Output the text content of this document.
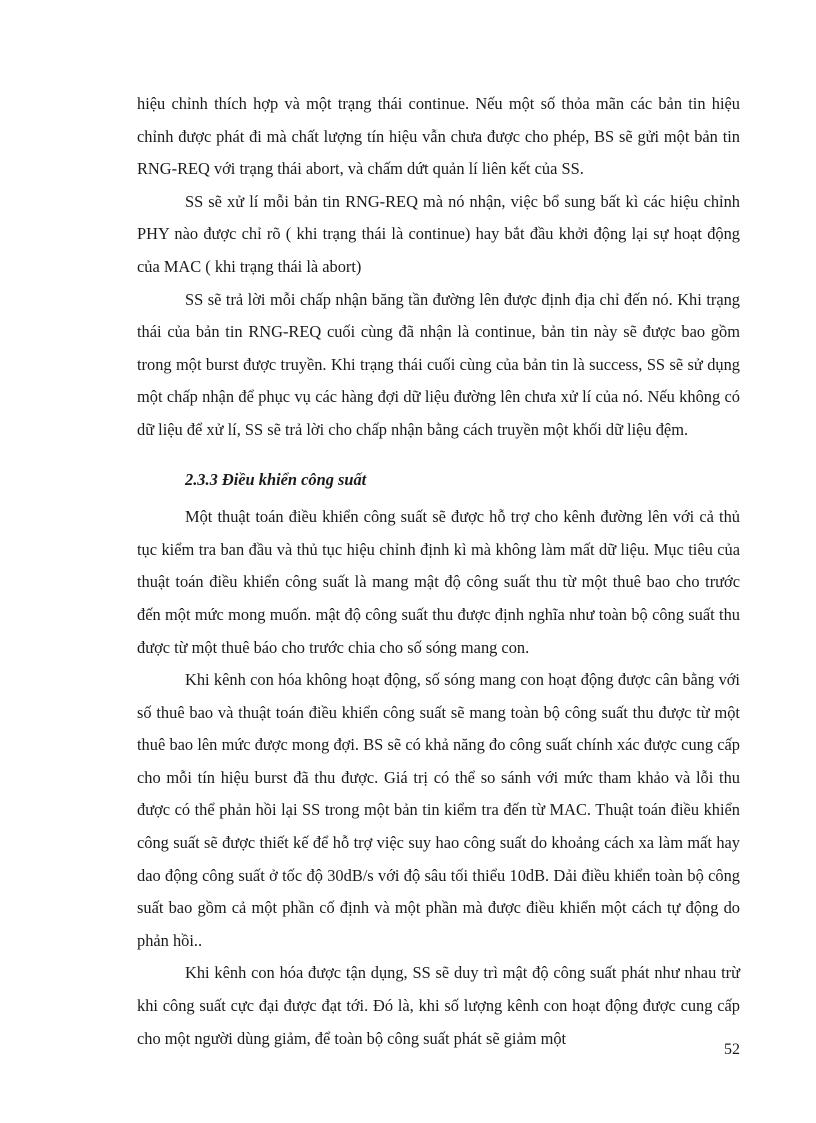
hiệu chỉnh thích hợp và một trạng thái continue. Nếu một số thỏa mãn các bản tin hiệu chỉnh được phát đi mà chất lượng tín hiệu vẫn chưa được cho phép, BS sẽ gửi một bản tin RNG-REQ với trạng thái abort, và chấm dứt quản lí liên kết của SS.

SS sẽ xử lí mỗi bản tin RNG-REQ mà nó nhận, việc bổ sung bất kì các hiệu chỉnh PHY nào được chỉ rõ ( khi trạng thái là continue) hay bắt đầu khởi động lại sự hoạt động của MAC ( khi trạng thái là abort)

SS sẽ trả lời mỗi chấp nhận băng tần đường lên được định địa chỉ đến nó. Khi trạng thái của bản tin RNG-REQ cuối cùng đã nhận là continue, bản tin này sẽ được bao gồm trong một burst được truyền. Khi trạng thái cuối cùng của bản tin là success, SS sẽ sử dụng một chấp nhận để phục vụ các hàng đợi dữ liệu đường lên chưa xử lí của nó. Nếu không có dữ liệu để xử lí, SS sẽ trả lời cho chấp nhận bằng cách truyền một khối dữ liệu đệm.

2.3.3 Điều khiển công suất

Một thuật toán điều khiển công suất sẽ được hỗ trợ cho kênh đường lên với cả thủ tục kiểm tra ban đầu và thủ tục hiệu chỉnh định kì mà không làm mất dữ liệu. Mục tiêu của thuật toán điều khiển công suất là mang mật độ công suất thu từ một thuê bao cho trước đến một mức mong muốn. mật độ công suất thu được định nghĩa như toàn bộ công suất thu được từ một thuê báo cho trước chia cho số sóng mang con.

Khi kênh con hóa không hoạt động, số sóng mang con hoạt động được cân bằng với số thuê bao và thuật toán điều khiển công suất sẽ mang toàn bộ công suất thu được từ một thuê bao lên mức được mong đợi. BS sẽ có khả năng đo công suất chính xác được cung cấp cho mỗi tín hiệu burst đã thu được. Giá trị có thể so sánh với mức tham khảo và lỗi thu được có thể phản hồi lại SS trong một bản tin kiểm tra đến từ MAC. Thuật toán điều khiển công suất sẽ được thiết kế để hỗ trợ việc suy hao công suất do khoảng cách xa làm mất hay dao động công suất ở tốc độ 30dB/s với độ sâu tối thiểu 10dB. Dải điều khiển toàn bộ công suất bao gồm cả một phần cố định và một phần mà được điều khiển một cách tự động do phản hồi..

Khi kênh con hóa được tận dụng, SS sẽ duy trì mật độ công suất phát như nhau trừ khi công suất cực đại được đạt tới. Đó là, khi số lượng kênh con hoạt động được cung cấp cho một người dùng giảm, để toàn bộ công suất phát sẽ giảm một

52
